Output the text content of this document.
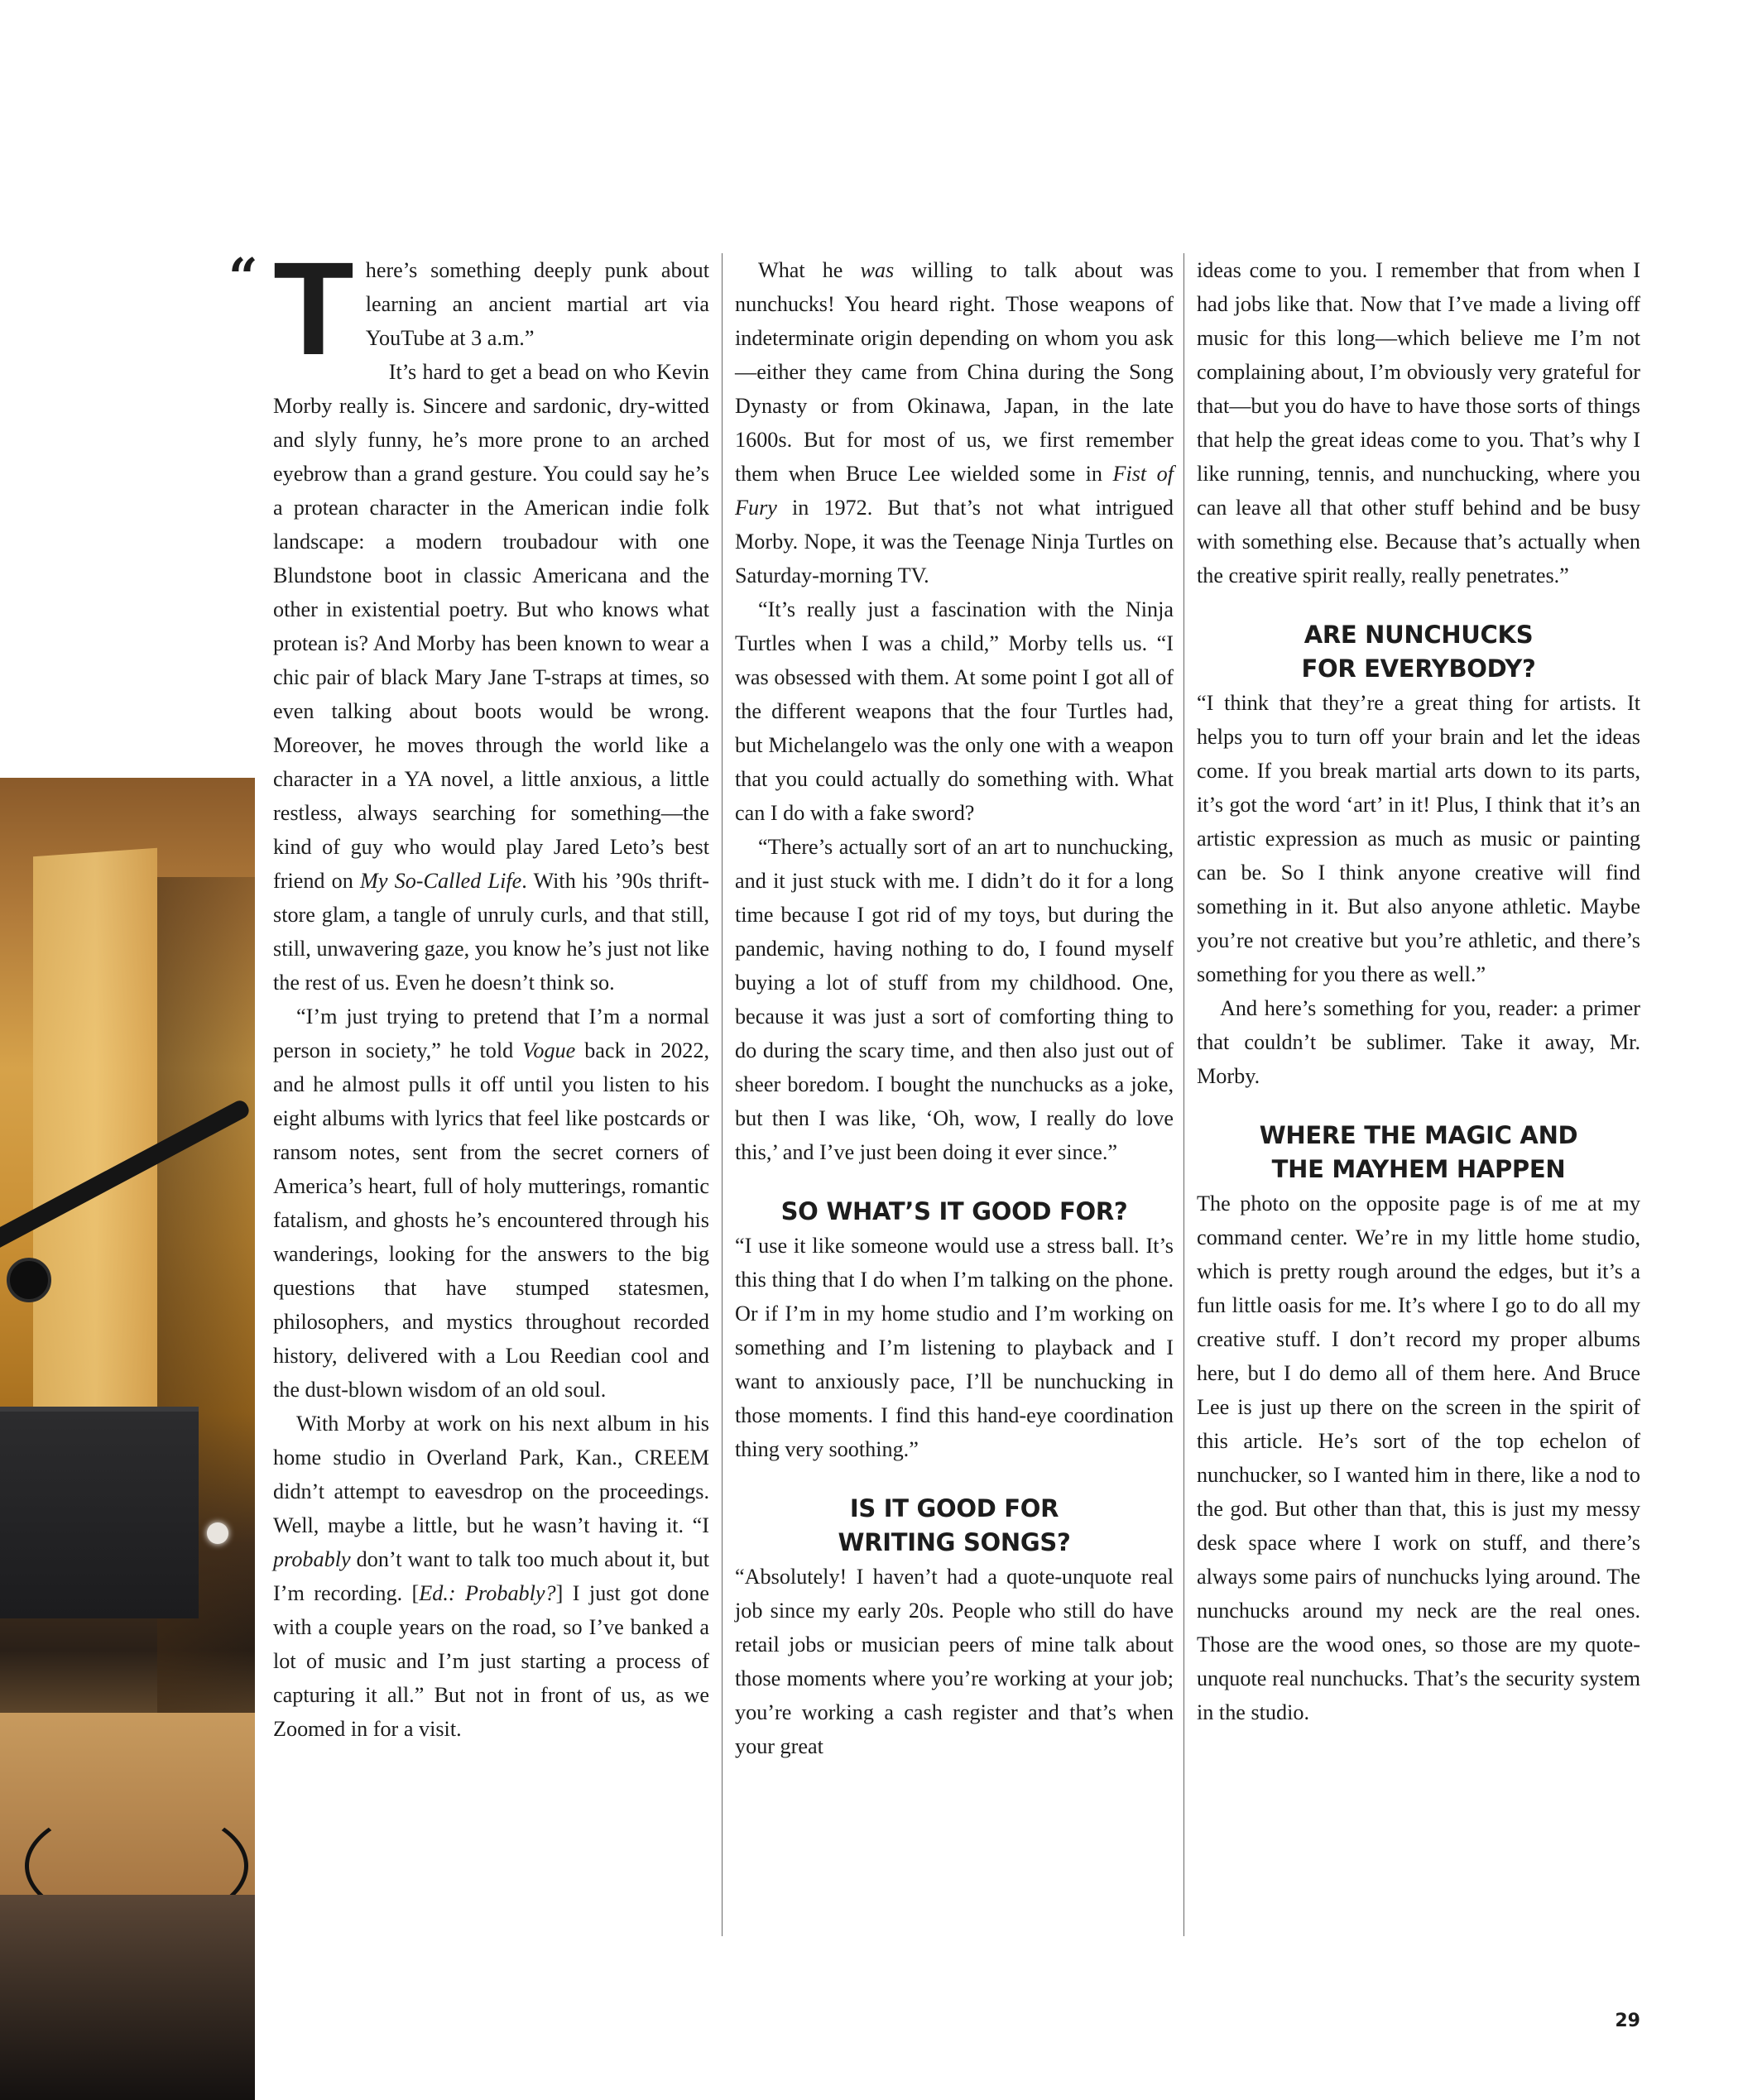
“ T here’s something deeply punk about learning an ancient martial art via YouTube at 3 a.m.”

It’s hard to get a bead on who Kevin Morby really is. Sincere and sardonic, dry-witted and slyly funny, he’s more prone to an arched eyebrow than a grand gesture. You could say he’s a protean character in the American indie folk landscape: a modern troubadour with one Blundstone boot in classic Americana and the other in existential poetry. But who knows what protean is? And Morby has been known to wear a chic pair of black Mary Jane T-straps at times, so even talking about boots would be wrong. Moreover, he moves through the world like a character in a YA novel, a little anxious, a little restless, always searching for something—the kind of guy who would play Jared Leto’s best friend on My So-Called Life. With his ’90s thrift-store glam, a tangle of unruly curls, and that still, still, unwavering gaze, you know he’s just not like the rest of us. Even he doesn’t think so.

“I’m just trying to pretend that I’m a normal person in society,” he told Vogue back in 2022, and he almost pulls it off until you listen to his eight albums with lyrics that feel like postcards or ransom notes, sent from the secret corners of America’s heart, full of holy mutterings, romantic fatalism, and ghosts he’s encountered through his wanderings, looking for the answers to the big questions that have stumped statesmen, philosophers, and mystics throughout recorded history, delivered with a Lou Reedian cool and the dust-blown wisdom of an old soul.

With Morby at work on his next album in his home studio in Overland Park, Kan., CREEM didn’t attempt to eavesdrop on the proceedings. Well, maybe a little, but he wasn’t having it. “I probably don’t want to talk too much about it, but I’m recording. [Ed.: Probably?] I just got done with a couple years on the road, so I’ve banked a lot of music and I’m just starting a process of capturing it all.” But not in front of us, as we Zoomed in for a visit.

What he was willing to talk about was nunchucks! You heard right. Those weapons of indeterminate origin depending on whom you ask—either they came from China during the Song Dynasty or from Okinawa, Japan, in the late 1600s. But for most of us, we first remember them when Bruce Lee wielded some in Fist of Fury in 1972. But that’s not what intrigued Morby. Nope, it was the Teenage Ninja Turtles on Saturday-morning TV.

“It’s really just a fascination with the Ninja Turtles when I was a child,” Morby tells us. “I was obsessed with them. At some point I got all of the different weapons that the four Turtles had, but Michelangelo was the only one with a weapon that you could actually do something with. What can I do with a fake sword?

“There’s actually sort of an art to nunchucking, and it just stuck with me. I didn’t do it for a long time because I got rid of my toys, but during the pandemic, having nothing to do, I found myself buying a lot of stuff from my childhood. One, because it was just a sort of comforting thing to do during the scary time, and then also just out of sheer boredom. I bought the nunchucks as a joke, but then I was like, ‘Oh, wow, I really do love this,’ and I’ve just been doing it ever since.”

SO WHAT’S IT GOOD FOR?

“I use it like someone would use a stress ball. It’s this thing that I do when I’m talking on the phone. Or if I’m in my home studio and I’m working on something and I’m listening to playback and I want to anxiously pace, I’ll be nunchucking in those moments. I find this hand-eye coordination thing very soothing.”

IS IT GOOD FOR
WRITING SONGS?

“Absolutely! I haven’t had a quote-unquote real job since my early 20s. People who still do have retail jobs or musician peers of mine talk about those moments where you’re working at your job; you’re working a cash register and that’s when your great

ideas come to you. I remember that from when I had jobs like that. Now that I’ve made a living off music for this long—which believe me I’m not complaining about, I’m obviously very grateful for that—but you do have to have those sorts of things that help the great ideas come to you. That’s why I like running, tennis, and nunchucking, where you can leave all that other stuff behind and be busy with something else. Because that’s actually when the creative spirit really, really penetrates.”

ARE NUNCHUCKS
FOR EVERYBODY?

“I think that they’re a great thing for artists. It helps you to turn off your brain and let the ideas come. If you break martial arts down to its parts, it’s got the word ‘art’ in it! Plus, I think that it’s an artistic expression as much as music or painting can be. So I think anyone creative will find something in it. But also anyone athletic. Maybe you’re not creative but you’re athletic, and there’s something for you there as well.”

And here’s something for you, reader: a primer that couldn’t be sublimer. Take it away, Mr. Morby.

WHERE THE MAGIC AND
THE MAYHEM HAPPEN

The photo on the opposite page is of me at my command center. We’re in my little home studio, which is pretty rough around the edges, but it’s a fun little oasis for me. It’s where I go to do all my creative stuff. I don’t record my proper albums here, but I do demo all of them here. And Bruce Lee is just up there on the screen in the spirit of this article. He’s sort of the top echelon of nunchucker, so I wanted him in there, like a nod to the god. But other than that, this is just my messy desk space where I work on stuff, and there’s always some pairs of nunchucks lying around. The nunchucks around my neck are the real ones. Those are the wood ones, so those are my quote-unquote real nunchucks. That’s the security system in the studio.

29
